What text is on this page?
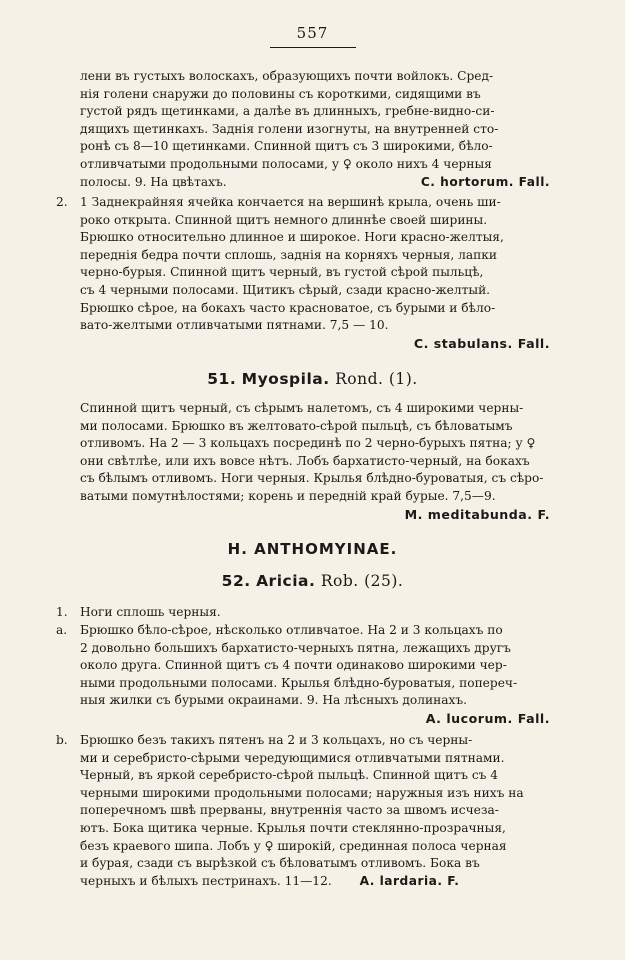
557
лени въ густыхъ волоскахъ, образующихъ почти войлокъ. Сред-
нія голени снаружи до половины съ короткими, сидящими въ
густой рядъ щетинками, а далѣе въ длинныхъ, гребне-видно-си-
дящихъ щетинкахъ. Заднія голени изогнуты, на внутренней сто-
ронѣ съ 8—10 щетинками. Спинной щитъ съ 3 широкими, бѣло-
отливчатыми продольными полосами, у ♀ около нихъ 4 черныя
полосы. 9. На цвѣтахъ.	C. hortorum. Fall.
2.	1 Заднекрайняя ячейка кончается на вершинѣ крыла, очень ши-
роко открыта. Спинной щитъ немного длиннѣе своей ширины.
Брюшко относительно длинное и широкое. Ноги красно-желтыя,
переднія бедра почти сплошь, заднія на корняхъ черныя, лапки
черно-бурыя. Спинной щитъ черный, въ густой сѣрой пыльцѣ,
съ 4 черными полосами. Щитикъ сѣрый, сзади красно-желтый.
Брюшко сѣрое, на бокахъ часто красноватое, съ бурыми и бѣло-
вато-желтыми отливчатыми пятнами. 7,5 — 10.
C. stabulans. Fall.
51. Myospila. Rond. (1).
Спинной щитъ черный, съ сѣрымъ налетомъ, съ 4 широкими черны-
ми полосами. Брюшко въ желтовато-сѣрой пыльцѣ, съ бѣловатымъ
отливомъ. На 2 — 3 кольцахъ посрединѣ по 2 черно-бурыхъ пятна; у ♀
они свѣтлѣе, или ихъ вовсе нѣтъ. Лобъ бархатисто-черный, на бокахъ
съ бѣлымъ отливомъ. Ноги черныя. Крылья блѣдно-буроватыя, съ сѣро-
ватыми помутнѣлостями; корень и передній край бурые. 7,5—9.
M. meditabunda. F.
H. ANTHOMYINAE.
52. Aricia. Rob. (25).
1.	Ноги сплошь черныя.
a.	Брюшко бѣло-сѣрое, нѣсколько отливчатое. На 2 и 3 кольцахъ по
2 довольно большихъ бархатисто-черныхъ пятна, лежащихъ другъ
около друга. Спинной щитъ съ 4 почти одинаково широкими чер-
ными продольными полосами. Крылья блѣдно-буроватыя, попереч-
ныя жилки съ бурыми окраинами. 9. На лѣсныхъ долинахъ.
A. lucorum. Fall.
b.	Брюшко безъ такихъ пятенъ на 2 и 3 кольцахъ, но съ черны-
ми и серебристо-сѣрыми чередующимися отливчатыми пятнами.
Черный, въ яркой серебристо-сѣрой пыльцѣ. Спинной щитъ съ 4
черными широкими продольными полосами; наружныя изъ нихъ на
поперечномъ швѣ прерваны, внутреннія часто за швомъ исчеза-
ютъ. Бока щитика черные. Крылья почти стеклянно-прозрачныя,
безъ краевого шипа. Лобъ у ♀ широкій, срединная полоса черная
и бурая, сзади съ вырѣзкой съ бѣловатымъ отливомъ. Бока въ
черныхъ и бѣлыхъ пестринахъ. 11—12. A. lardaria. F.
